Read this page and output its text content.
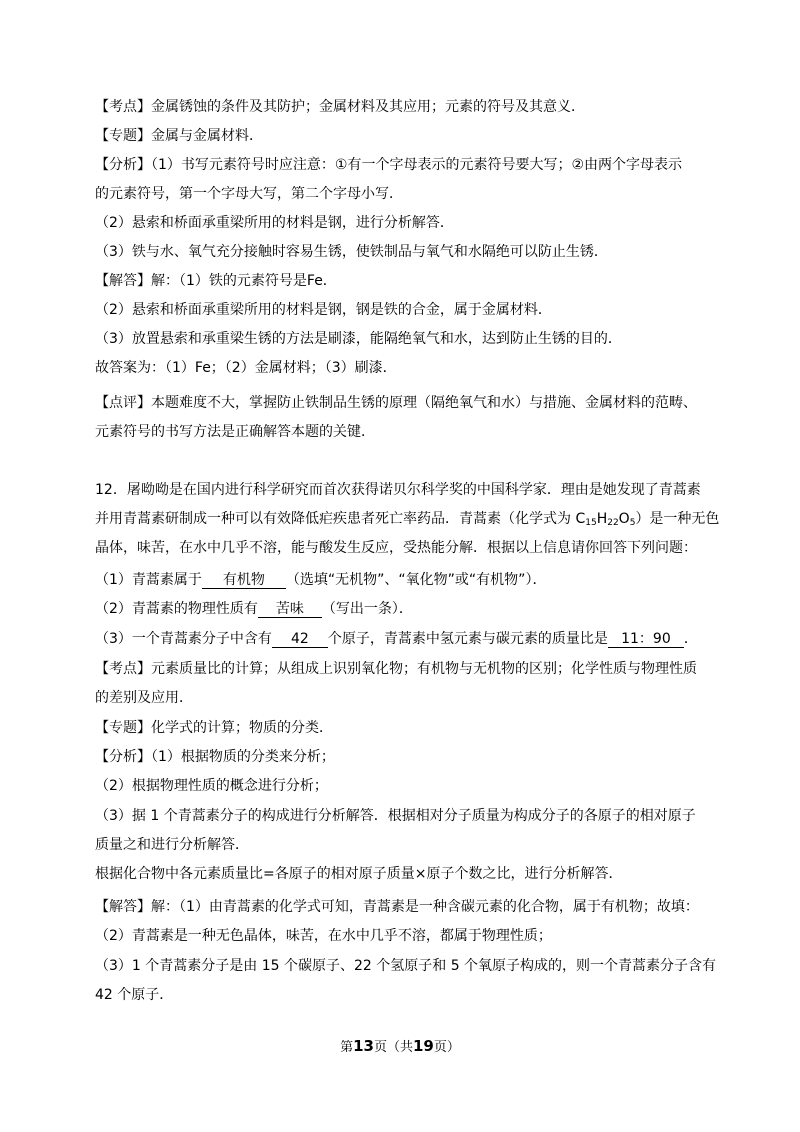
【考点】金属锈蚀的条件及其防护；金属材料及其应用；元素的符号及其意义．
【专题】金属与金属材料．
【分析】（1）书写元素符号时应注意：①有一个字母表示的元素符号要大写；②由两个字母表示
的元素符号，第一个字母大写，第二个字母小写．
（2）悬索和桥面承重梁所用的材料是钢，进行分析解答．
（3）铁与水、氧气充分接触时容易生锈，使铁制品与氧气和水隔绝可以防止生锈．
【解答】解：（1）铁的元素符号是Fe．
（2）悬索和桥面承重梁所用的材料是钢，钢是铁的合金，属于金属材料．
（3）放置悬索和承重梁生锈的方法是刷漆，能隔绝氧气和水，达到防止生锈的目的．
故答案为：（1）Fe；（2）金属材料；（3）刷漆．
【点评】本题难度不大，掌握防止铁制品生锈的原理（隔绝氧气和水）与措施、金属材料的范畴、
元素符号的书写方法是正确解答本题的关键．
12．屠呦呦是在国内进行科学研究而首次获得诺贝尔科学奖的中国科学家．理由是她发现了青蒿素
并用青蒿素研制成一种可以有效降低疟疾患者死亡率药品．青蒿素（化学式为 $C_{15}H_{22}O_5$）是一种无色
晶体，味苦，在水中几乎不溶，能与酸发生反应，受热能分解．根据以上信息请你回答下列问题：
（1）青蒿素属于 有机物 （选填“无机物”、“氧化物”或“有机物”）．
（2）青蒿素的物理性质有 苦味 （写出一条）．
（3）一个青蒿素分子中含有 42 个原子，青蒿素中氢元素与碳元素的质量比是 11：90 ．
【考点】元素质量比的计算；从组成上识别氧化物；有机物与无机物的区别；化学性质与物理性质
的差别及应用．
【专题】化学式的计算；物质的分类．
【分析】（1）根据物质的分类来分析；
（2）根据物理性质的概念进行分析；
（3）据 1 个青蒿素分子的构成进行分析解答．根据相对分子质量为构成分子的各原子的相对原子
质量之和进行分析解答．
根据化合物中各元素质量比=各原子的相对原子质量×原子个数之比，进行分析解答．
【解答】解：（1）由青蒿素的化学式可知，青蒿素是一种含碳元素的化合物，属于有机物；故填：
（2）青蒿素是一种无色晶体，味苦，在水中几乎不溶，都属于物理性质；
（3）1 个青蒿素分子是由 15 个碳原子、22 个氢原子和 5 个氧原子构成的，则一个青蒿素分子含有
42 个原子．
第13页（共19页）
